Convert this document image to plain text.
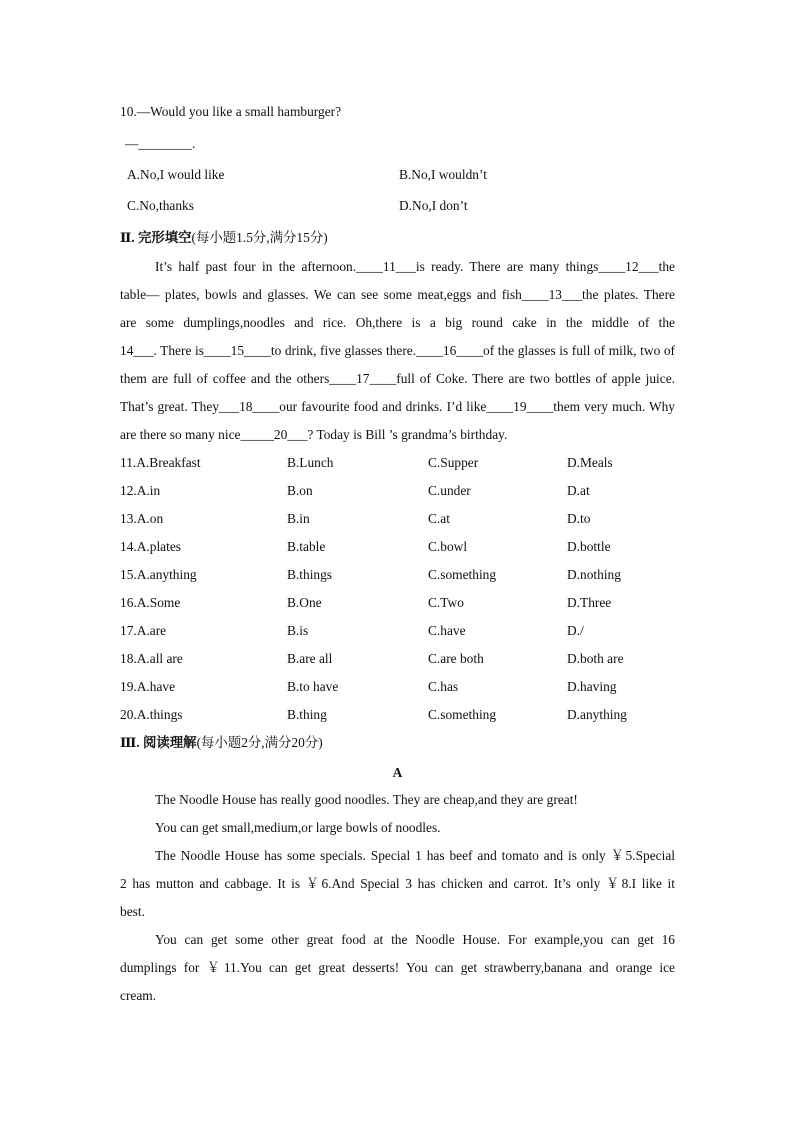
10.—Would you like a small hamburger?
—________.
A.No,I would like	B.No,I wouldn’t
C.No,thanks	D.No,I don’t
Ⅱ. 完形填空(每小题1.5分,满分15分)
It’s half past four in the afternoon.____11___is ready. There are many things____12___the
table— plates, bowls and glasses. We can see some meat,eggs and fish____13___the plates. There
are some dumplings,noodles and rice. Oh,there is a big round cake in the middle of the
14___. There is____15____to drink, five glasses there.____16____of the glasses is full of milk, two of
them are full of coffee and the others____17____full of Coke. There are two bottles of apple juice.
That’s great. They___18____our favourite food and drinks. I’d like____19____them very much. Why
are there so many nice_____20___? Today is Bill ’s grandma’s birthday.
11.A.Breakfast	B.Lunch	C.Supper	D.Meals
12.A.in	B.on	C.under	D.at
13.A.on	B.in	C.at	D.to
14.A.plates	B.table	C.bowl	D.bottle
15.A.anything	B.things	C.something	D.nothing
16.A.Some	B.One	C.Two	D.Three
17.A.are	B.is	C.have	D./
18.A.all are	B.are all	C.are both	D.both are
19.A.have	B.to have	C.has	D.having
20.A.things	B.thing	C.something	D.anything
Ⅲ. 阅读理解(每小题2分,满分20分)
A
The Noodle House has really good noodles. They are cheap,and they are great!
You can get small,medium,or large bowls of noodles.
The Noodle House has some specials. Special 1 has beef and tomato and is only ￥5.Special
2 has mutton and cabbage. It is ￥6.And Special 3 has chicken and carrot. It’s only ￥8.I like it
best.
You can get some other great food at the Noodle House. For example,you can get 16
dumplings for ￥11.You can get great desserts! You can get strawberry,banana and orange ice
cream.
